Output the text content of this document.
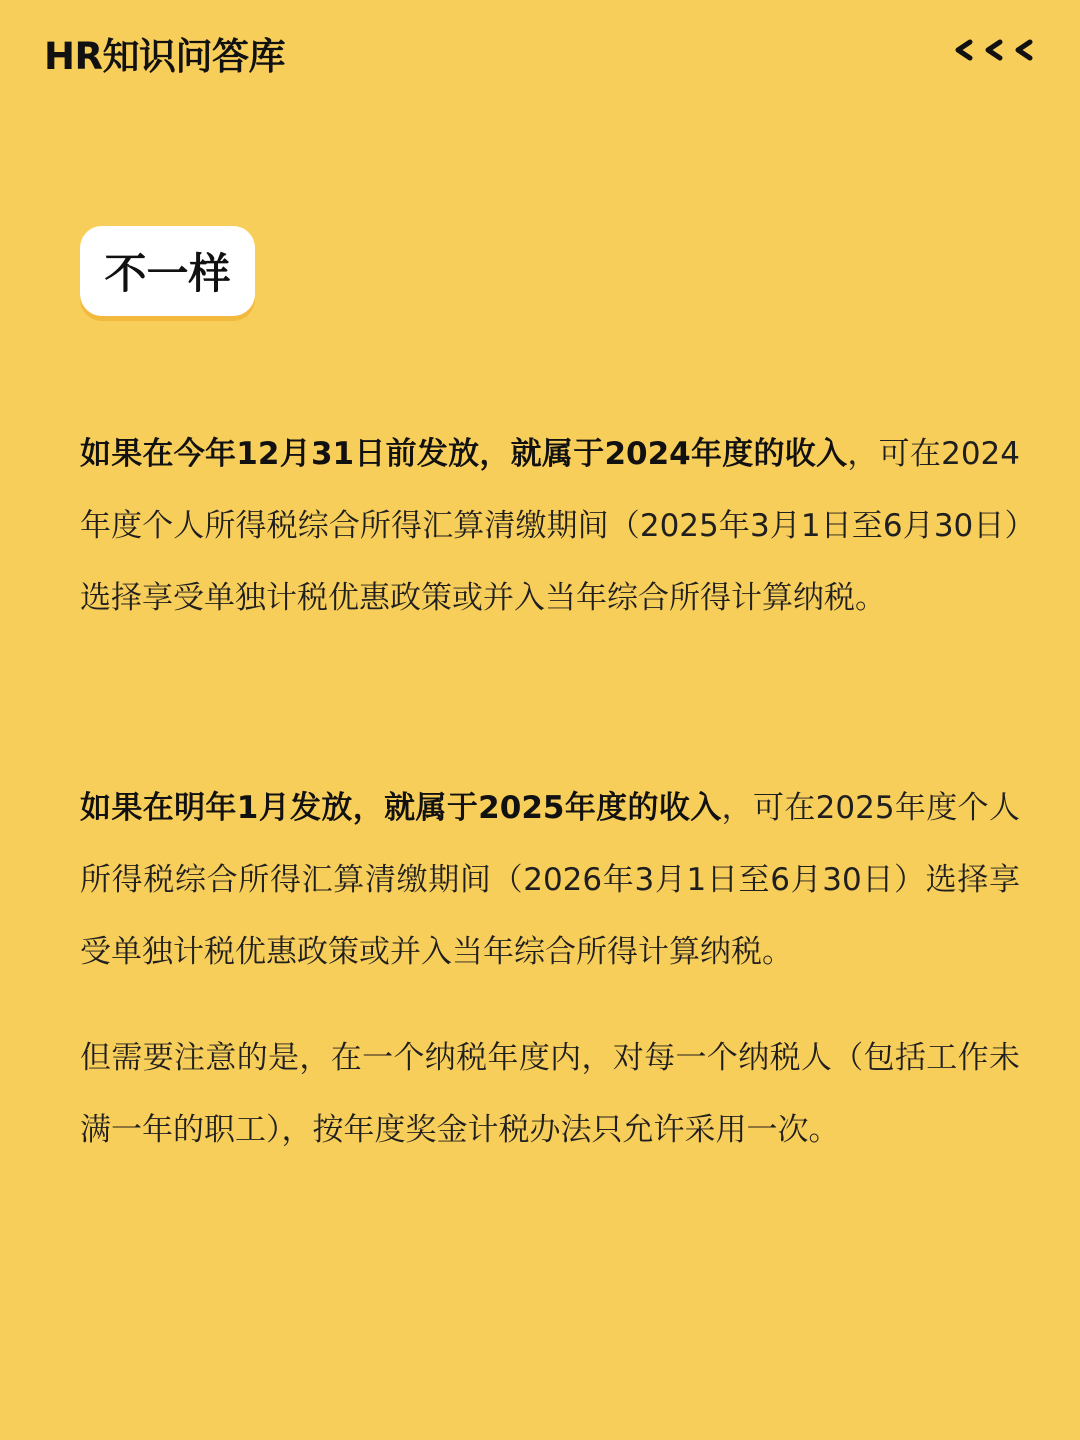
HR知识问答库
不一样

如果在今年12月31日前发放，就属于2024年度的收入，可在2024年度个人所得税综合所得汇算清缴期间（2025年3月1日至6月30日）选择享受单独计税优惠政策或并入当年综合所得计算纳税。

如果在明年1月发放，就属于2025年度的收入，可在2025年度个人所得税综合所得汇算清缴期间（2026年3月1日至6月30日）选择享受单独计税优惠政策或并入当年综合所得计算纳税。

但需要注意的是，在一个纳税年度内，对每一个纳税人（包括工作未满一年的职工），按年度奖金计税办法只允许采用一次。
